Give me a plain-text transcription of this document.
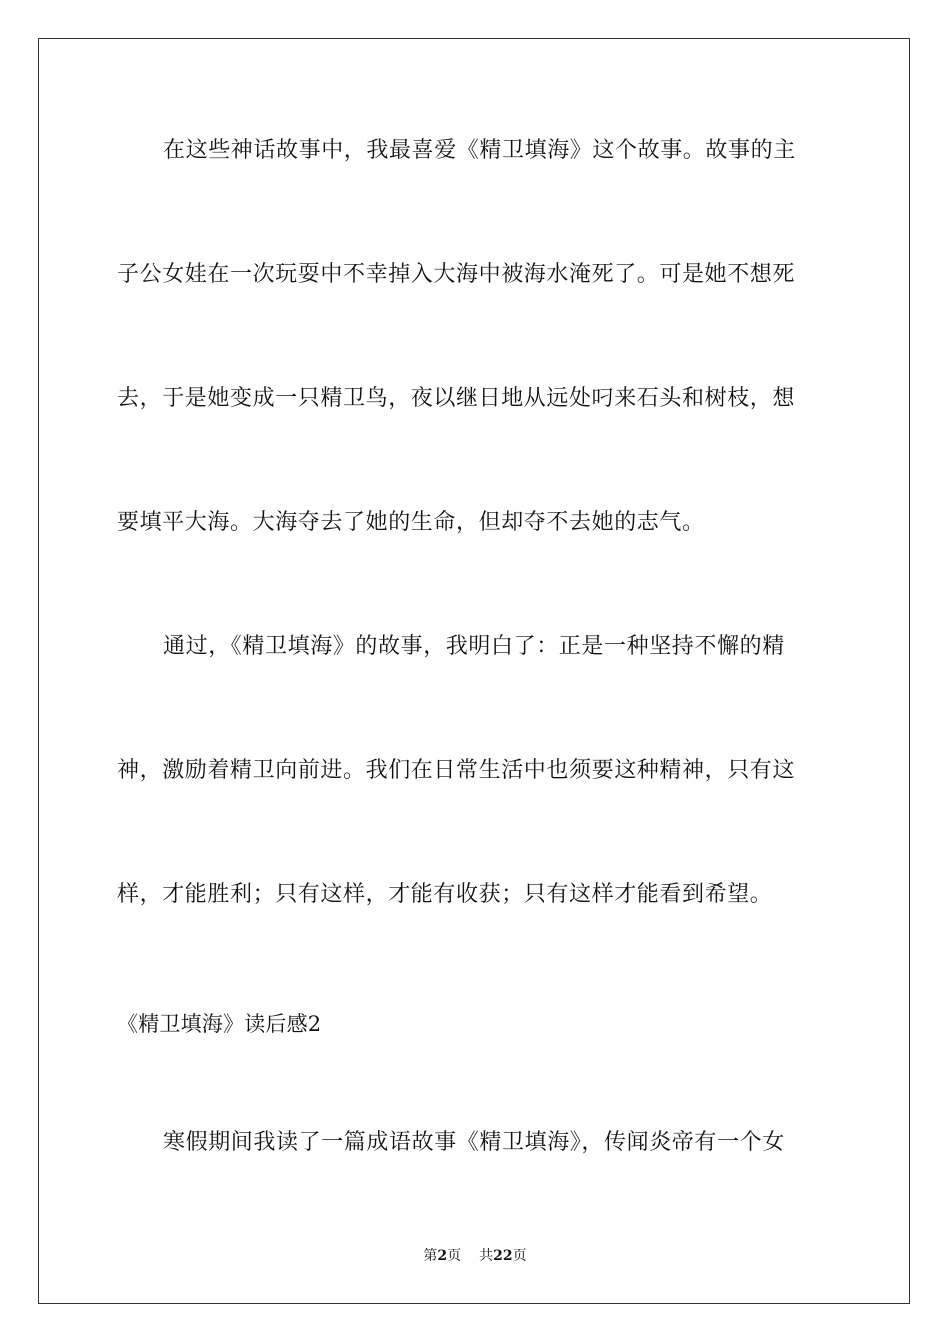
在这些神话故事中，我最喜爱《精卫填海》这个故事。故事的主
子公女娃在一次玩耍中不幸掉入大海中被海水淹死了。可是她不想死
去，于是她变成一只精卫鸟，夜以继日地从远处叼来石头和树枝，想
要填平大海。大海夺去了她的生命，但却夺不去她的志气。
通过，《精卫填海》的故事，我明白了：正是一种坚持不懈的精
神，激励着精卫向前进。我们在日常生活中也须要这种精神，只有这
样，才能胜利；只有这样，才能有收获；只有这样才能看到希望。
《精卫填海》读后感2
寒假期间我读了一篇成语故事《精卫填海》，传闻炎帝有一个女
第2页 共22页
